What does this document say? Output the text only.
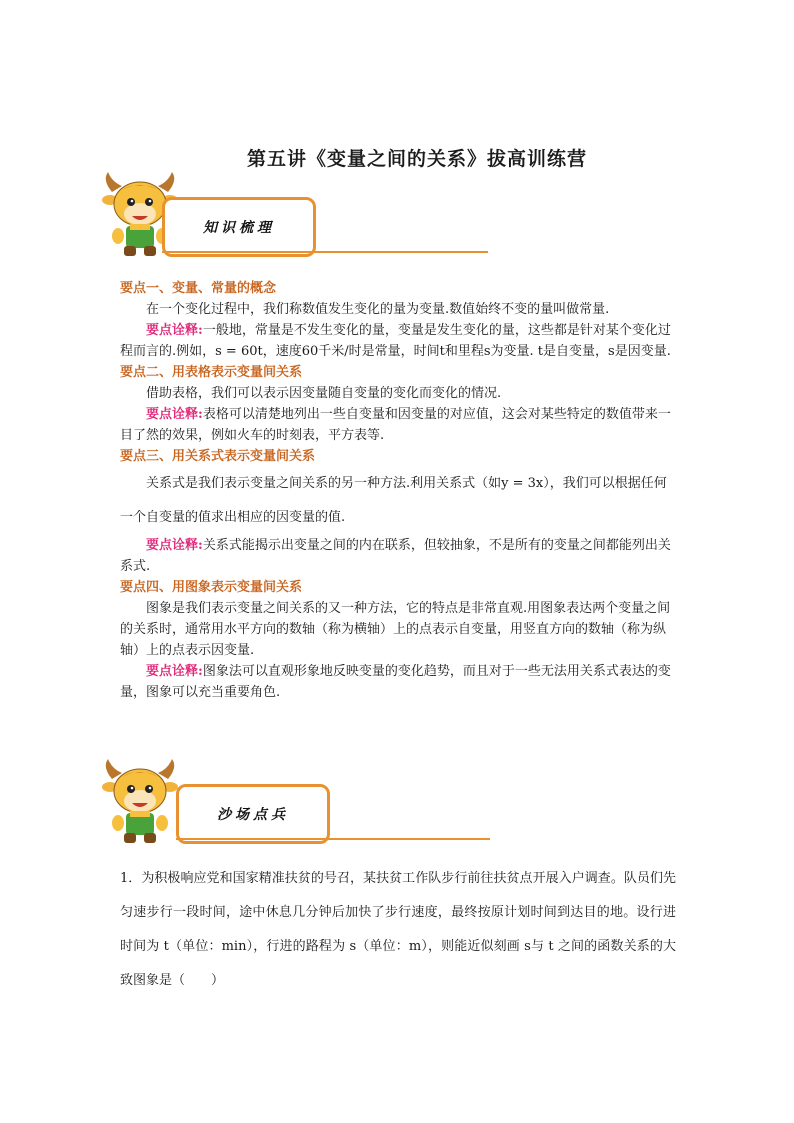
第五讲《变量之间的关系》拔高训练营
知识梳理

要点一、变量、常量的概念

在一个变化过程中，我们称数值发生变化的量为变量.数值始终不变的量叫做常量.

要点诠释:一般地，常量是不发生变化的量，变量是发生变化的量，这些都是针对某个变化过程而言的.例如，s = 60t，速度60千米/时是常量，时间t和里程s为变量. t是自变量，s是因变量.

要点二、用表格表示变量间关系

借助表格，我们可以表示因变量随自变量的变化而变化的情况.

要点诠释:表格可以清楚地列出一些自变量和因变量的对应值，这会对某些特定的数值带来一目了然的效果，例如火车的时刻表，平方表等.

要点三、用关系式表示变量间关系

关系式是我们表示变量之间关系的另一种方法.利用关系式（如y = 3x），我们可以根据任何一个自变量的值求出相应的因变量的值.

要点诠释:关系式能揭示出变量之间的内在联系，但较抽象，不是所有的变量之间都能列出关系式.

要点四、用图象表示变量间关系

图象是我们表示变量之间关系的又一种方法，它的特点是非常直观.用图象表达两个变量之间的关系时，通常用水平方向的数轴（称为横轴）上的点表示自变量，用竖直方向的数轴（称为纵轴）上的点表示因变量.

要点诠释:图象法可以直观形象地反映变量的变化趋势，而且对于一些无法用关系式表达的变量，图象可以充当重要角色.

沙场点兵
1．为积极响应党和国家精准扶贫的号召，某扶贫工作队步行前往扶贫点开展入户调查。队员们先匀速步行一段时间，途中休息几分钟后加快了步行速度，最终按原计划时间到达目的地。设行进时间为 t（单位：min），行进的路程为 s（单位：m），则能近似刻画 s与 t 之间的函数关系的大致图象是（　　）
